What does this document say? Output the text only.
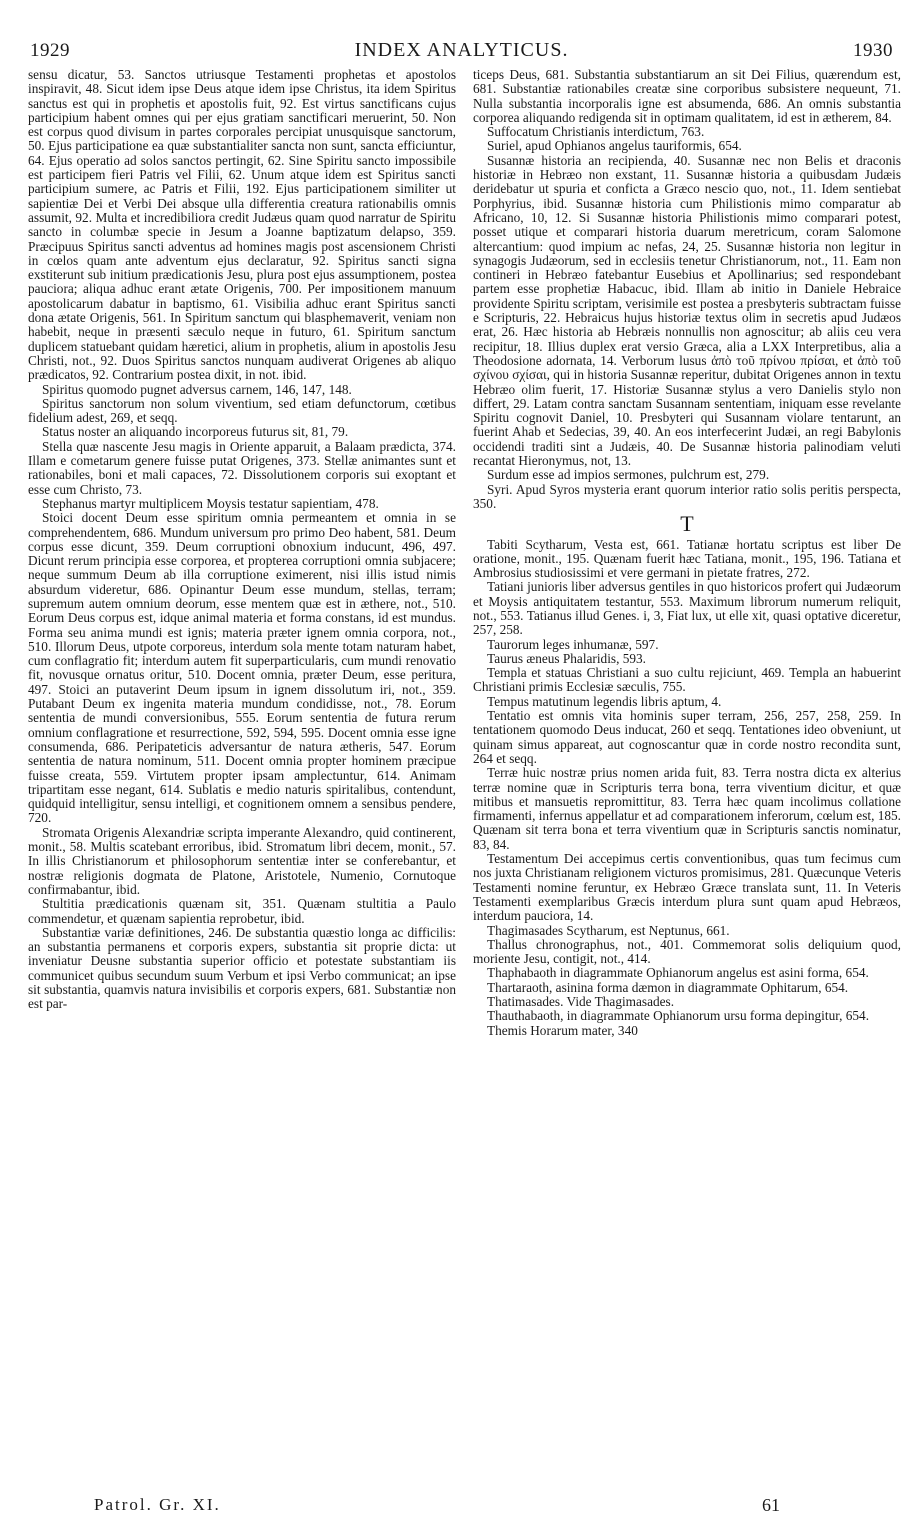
1929	INDEX ANALYTICUS.	1930

sensu dicatur, 53. Sanctos utriusque Testamenti prophetas et apostolos inspiravit, 48. Sicut idem ipse Deus atque idem ipse Christus, ita idem Spiritus sanctus est qui in prophetis et apostolis fuit, 92. Est virtus sanctificans cujus participium habent omnes qui per ejus gratiam sanctificari meruerint, 50. Non est corpus quod divisum in partes corporales percipiat unusquisque sanctorum, 50. Ejus participatione ea quæ substantialiter sancta non sunt, sancta efficiuntur, 64. Ejus operatio ad solos sanctos pertingit, 62. Sine Spiritu sancto impossibile est participem fieri Patris vel Filii, 62. Unum atque idem est Spiritus sancti participium sumere, ac Patris et Filii, 192. Ejus participationem similiter ut sapientiæ Dei et Verbi Dei absque ulla differentia creatura rationabilis omnis assumit, 92. Multa et incredibiliora credit Judæus quam quod narratur de Spiritu sancto in columbæ specie in Jesum a Joanne baptizatum delapso, 359. Præcipuus Spiritus sancti adventus ad homines magis post ascensionem Christi in cœlos quam ante adventum ejus declaratur, 92. Spiritus sancti signa exstiterunt sub initium prædicationis Jesu, plura post ejus assumptionem, postea pauciora; aliqua adhuc erant ætate Origenis, 700. Per impositionem manuum apostolicarum dabatur in baptismo, 61. Visibilia adhuc erant Spiritus sancti dona ætate Origenis, 561. In Spiritum sanctum qui blasphemaverit, veniam non habebit, neque in præsenti sæculo neque in futuro, 61. Spiritum sanctum duplicem statuebant quidam hæretici, alium in prophetis, alium in apostolis Jesu Christi, not., 92. Duos Spiritus sanctos nunquam audiverat Origenes ab aliquo prædicatos, 92. Contrarium postea dixit, in not. ibid.

Spiritus quomodo pugnet adversus carnem, 146, 147, 148.

Spiritus sanctorum non solum viventium, sed etiam defunctorum, cœtibus fidelium adest, 269, et seqq.

Status noster an aliquando incorporeus futurus sit, 81, 79.

Stella quæ nascente Jesu magis in Oriente apparuit, a Balaam prædicta, 374. Illam e cometarum genere fuisse putat Origenes, 373. Stellæ animantes sunt et rationabiles, boni et mali capaces, 72. Dissolutionem corporis sui exoptant et esse cum Christo, 73.

Stephanus martyr multiplicem Moysis testatur sapientiam, 478.

Stoici docent Deum esse spiritum omnia permeantem et omnia in se comprehendentem, 686. Mundum universum pro primo Deo habent, 581. Deum corpus esse dicunt, 359. Deum corruptioni obnoxium inducunt, 496, 497. Dicunt rerum principia esse corporea, et propterea corruptioni omnia subjacere; neque summum Deum ab illa corruptione eximerent, nisi illis istud nimis absurdum videretur, 686. Opinantur Deum esse mundum, stellas, terram; supremum autem omnium deorum, esse mentem quæ est in æthere, not., 510. Eorum Deus corpus est, idque animal materia et forma constans, id est mundus. Forma seu anima mundi est ignis; materia præter ignem omnia corpora, not., 510. Illorum Deus, utpote corporeus, interdum sola mente totam naturam habet, cum conflagratio fit; interdum autem fit superparticularis, cum mundi renovatio fit, novusque ornatus oritur, 510. Docent omnia, præter Deum, esse peritura, 497. Stoici an putaverint Deum ipsum in ignem dissolutum iri, not., 359. Putabant Deum ex ingenita materia mundum condidisse, not., 78. Eorum sententia de mundi conversionibus, 555. Eorum sententia de futura rerum omnium conflagratione et resurrectione, 592, 594, 595. Docent omnia esse igne consumenda, 686. Peripateticis adversantur de natura ætheris, 547. Eorum sententia de natura nominum, 511. Docent omnia propter hominem præcipue fuisse creata, 559. Virtutem propter ipsam amplectuntur, 614. Animam tripartitam esse negant, 614. Sublatis e medio naturis spiritalibus, contendunt, quidquid intelligitur, sensu intelligi, et cognitionem omnem a sensibus pendere, 720.

Stromata Origenis Alexandriæ scripta imperante Alexandro, quid continerent, monit., 58. Multis scatebant erroribus, ibid. Stromatum libri decem, monit., 57. In illis Christianorum et philosophorum sententiæ inter se conferebantur, et nostræ religionis dogmata de Platone, Aristotele, Numenio, Cornutoque confirmabantur, ibid.

Stultitia prædicationis quænam sit, 351. Quænam stultitia a Paulo commendetur, et quænam sapientia reprobetur, ibid.

Substantiæ variæ definitiones, 246. De substantia quæstio longa ac difficilis: an substantia permanens et corporis expers, substantia sit proprie dicta: ut inveniatur Deusne substantia superior officio et potestate substantiam iis communicet quibus secundum suum Verbum et ipsi Verbo communicat; an ipse sit substantia, quamvis natura invisibilis et corporis expers, 681. Substantiæ non est par-

ticeps Deus, 681. Substantia substantiarum an sit Dei Filius, quærendum est, 681. Substantiæ rationabiles creatæ sine corporibus subsistere nequeunt, 71. Nulla substantia incorporalis igne est absumenda, 686. An omnis substantia corporea aliquando redigenda sit in optimam qualitatem, id est in ætherem, 84.

Suffocatum Christianis interdictum, 763.

Suriel, apud Ophianos angelus tauriformis, 654.

Susannæ historia an recipienda, 40. Susannæ nec non Belis et draconis historiæ in Hebræo non exstant, 11. Susannæ historia a quibusdam Judæis deridebatur ut spuria et conficta a Græco nescio quo, not., 11. Idem sentiebat Porphyrius, ibid. Susannæ historia cum Philistionis mimo comparatur ab Africano, 10, 12. Si Susannæ historia Philistionis mimo comparari potest, posset utique et comparari historia duarum meretricum, coram Salomone altercantium: quod impium ac nefas, 24, 25. Susannæ historia non legitur in synagogis Judæorum, sed in ecclesiis tenetur Christianorum, not., 11. Eam non contineri in Hebræo fatebantur Eusebius et Apollinarius; sed respondebant partem esse prophetiæ Habacuc, ibid. Illam ab initio in Daniele Hebraice providente Spiritu scriptam, verisimile est postea a presbyteris subtractam fuisse e Scripturis, 22. Hebraicus hujus historiæ textus olim in secretis apud Judæos erat, 26. Hæc historia ab Hebræis nonnullis non agnoscitur; ab aliis ceu vera recipitur, 18. Illius duplex erat versio Græca, alia a LXX Interpretibus, alia a Theodosione adornata, 14. Verborum lusus ἀπὸ τοῦ πρίνου πρίσαι, et ἀπὸ τοῦ σχίνου σχίσαι, qui in historia Susannæ reperitur, dubitat Origenes annon in textu Hebræo olim fuerit, 17. Historiæ Susannæ stylus a vero Danielis stylo non differt, 29. Latam contra sanctam Susannam sententiam, iniquam esse revelante Spiritu cognovit Daniel, 10. Presbyteri qui Susannam violare tentarunt, an fuerint Ahab et Sedecias, 39, 40. An eos interfecerint Judæi, an regi Babylonis occidendi traditi sint a Judæis, 40. De Susannæ historia palinodiam veluti recantat Hieronymus, not, 13.

Surdum esse ad impios sermones, pulchrum est, 279.

Syri. Apud Syros mysteria erant quorum interior ratio solis peritis perspecta, 350.

T

Tabiti Scytharum, Vesta est, 661. Tatianæ hortatu scriptus est liber De oratione, monit., 195. Quænam fuerit hæc Tatiana, monit., 195, 196. Tatiana et Ambrosius studiosissimi et vere germani in pietate fratres, 272.

Tatiani junioris liber adversus gentiles in quo historicos profert qui Judæorum et Moysis antiquitatem testantur, 553. Maximum librorum numerum reliquit, not., 553. Tatianus illud Genes. i, 3, Fiat lux, ut elle xit, quasi optative diceretur, 257, 258.

Taurorum leges inhumanæ, 597.

Taurus æneus Phalaridis, 593.

Templa et statuas Christiani a suo cultu rejiciunt, 469. Templa an habuerint Christiani primis Ecclesiæ sæculis, 755.

Tempus matutinum legendis libris aptum, 4.

Tentatio est omnis vita hominis super terram, 256, 257, 258, 259. In tentationem quomodo Deus inducat, 260 et seqq. Tentationes ideo obveniunt, ut quinam simus appareat, aut cognoscantur quæ in corde nostro recondita sunt, 264 et seqq.

Terræ huic nostræ prius nomen arida fuit, 83. Terra nostra dicta ex alterius terræ nomine quæ in Scripturis terra bona, terra viventium dicitur, et quæ mitibus et mansuetis repromittitur, 83. Terra hæc quam incolimus collatione firmamenti, infernus appellatur et ad comparationem inferorum, cœlum est, 185. Quænam sit terra bona et terra viventium quæ in Scripturis sanctis nominatur, 83, 84.

Testamentum Dei accepimus certis conventionibus, quas tum fecimus cum nos juxta Christianam religionem victuros promisimus, 281. Quæcunque Veteris Testamenti nomine feruntur, ex Hebræo Græce translata sunt, 11. In Veteris Testamenti exemplaribus Græcis interdum plura sunt quam apud Hebræos, interdum pauciora, 14.

Thagimasades Scytharum, est Neptunus, 661.

Thallus chronographus, not., 401. Commemorat solis deliquium quod, moriente Jesu, contigit, not., 414.

Thaphabaoth in diagrammate Ophianorum angelus est asini forma, 654.

Thartaraoth, asinina forma dæmon in diagrammate Ophitarum, 654.

Thatimasades. Vide Thagimasades.

Thauthabaoth, in diagrammate Ophianorum ursu forma depingitur, 654.

Themis Horarum mater, 340

Patrol. Gr. XI.	61
